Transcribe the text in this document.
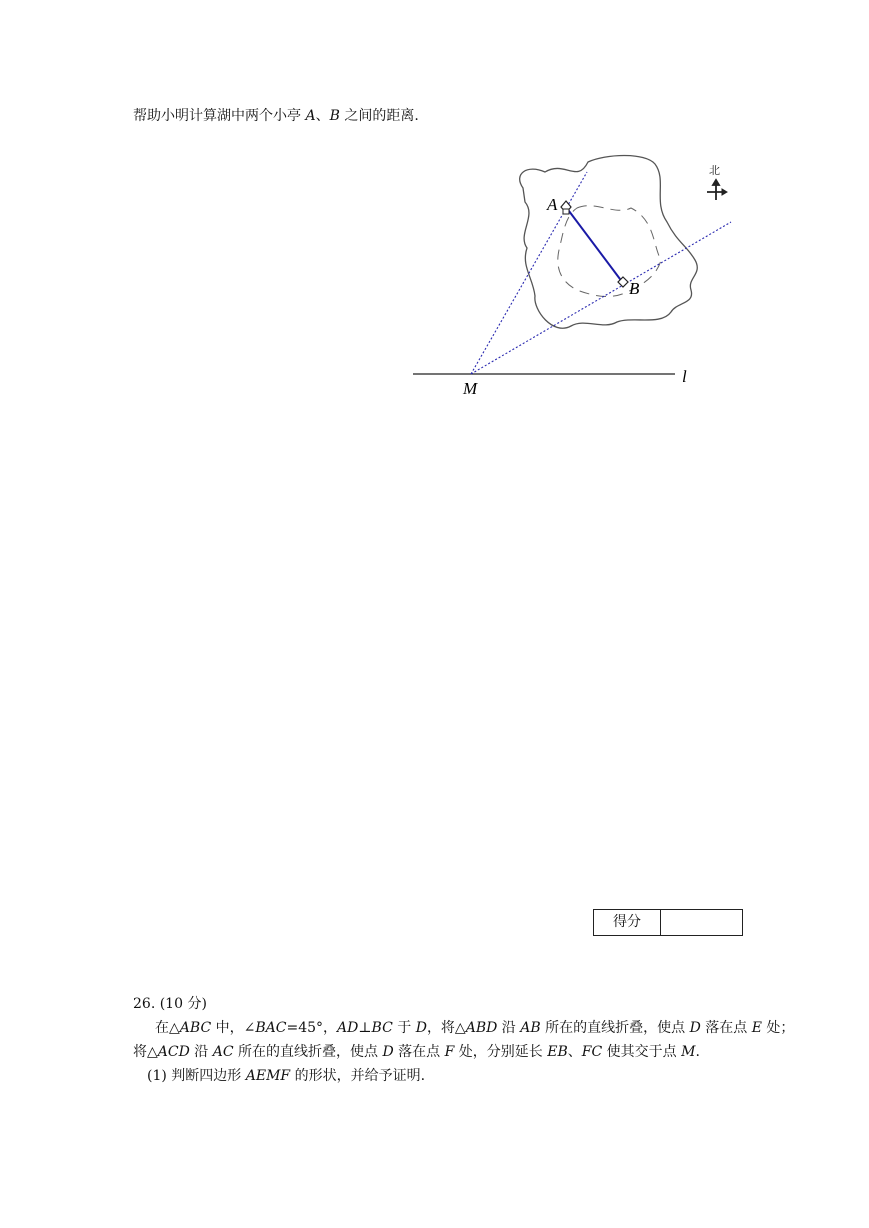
帮助小明计算湖中两个小亭 A、B 之间的距离.
A
B
M
l
北
得分
26. (10 分)
在△ABC 中，∠BAC=45°，AD⊥BC 于 D，将△ABD 沿 AB 所在的直线折叠，使点 D 落在点 E 处；
将△ACD 沿 AC 所在的直线折叠，使点 D 落在点 F 处，分别延长 EB、FC 使其交于点 M.
(1) 判断四边形 AEMF 的形状，并给予证明.
